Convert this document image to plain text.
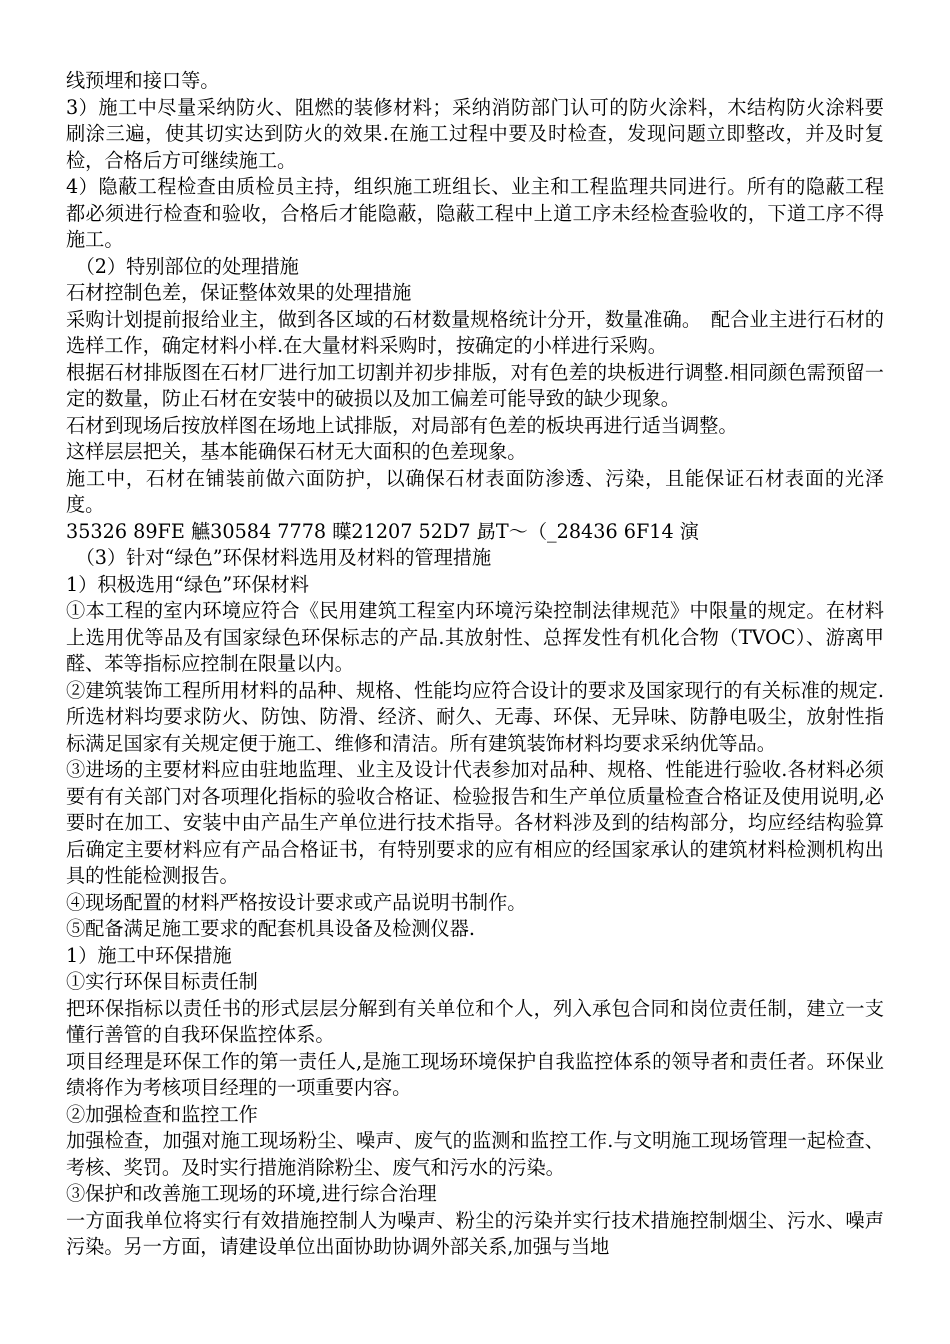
线预埋和接口等。

3）施工中尽量采纳防火、阻燃的装修材料；采纳消防部门认可的防火涂料，木结构防火涂料要刷涂三遍，使其切实达到防火的效果.在施工过程中要及时检查，发现问题立即整改，并及时复检，合格后方可继续施工。

4）隐蔽工程检查由质检员主持，组织施工班组长、业主和工程监理共同进行。所有的隐蔽工程都必须进行检查和验收，合格后才能隐蔽，隐蔽工程中上道工序未经检查验收的，下道工序不得施工。

　（2）特别部位的处理措施

石材控制色差，保证整体效果的处理措施

采购计划提前报给业主，做到各区域的石材数量规格统计分开，数量准确。　配合业主进行石材的选样工作，确定材料小样.在大量材料采购时，按确定的小样进行采购。

根据石材排版图在石材厂进行加工切割并初步排版，对有色差的块板进行调整.相同颜色需预留一定的数量，防止石材在安装中的破损以及加工偏差可能导致的缺少现象。

石材到现场后按放样图在场地上试排版，对局部有色差的板块再进行适当调整。

这样层层把关，基本能确保石材无大面积的色差现象。

施工中，石材在铺装前做六面防护，以确保石材表面防渗透、污染，且能保证石材表面的光泽度。

35326 89FE 觾30584 7778 瞸21207 52D7 勗T～（_28436 6F14 演

　（3）针对“绿色”环保材料选用及材料的管理措施

1）积极选用“绿色”环保材料

①本工程的室内环境应符合《民用建筑工程室内环境污染控制法律规范》中限量的规定。在材料上选用优等品及有国家绿色环保标志的产品.其放射性、总挥发性有机化合物（TVOC）、游离甲醛、苯等指标应控制在限量以内。

②建筑装饰工程所用材料的品种、规格、性能均应符合设计的要求及国家现行的有关标准的规定.所选材料均要求防火、防蚀、防滑、经济、耐久、无毒、环保、无异味、防静电吸尘，放射性指标满足国家有关规定便于施工、维修和清洁。所有建筑装饰材料均要求采纳优等品。

③进场的主要材料应由驻地监理、业主及设计代表参加对品种、规格、性能进行验收.各材料必须要有有关部门对各项理化指标的验收合格证、检验报告和生产单位质量检查合格证及使用说明,必要时在加工、安装中由产品生产单位进行技术指导。各材料涉及到的结构部分，均应经结构验算后确定主要材料应有产品合格证书，有特别要求的应有相应的经国家承认的建筑材料检测机构出具的性能检测报告。

④现场配置的材料严格按设计要求或产品说明书制作。

⑤配备满足施工要求的配套机具设备及检测仪器.

1）施工中环保措施

①实行环保目标责任制

把环保指标以责任书的形式层层分解到有关单位和个人，列入承包合同和岗位责任制，建立一支懂行善管的自我环保监控体系。

项目经理是环保工作的第一责任人,是施工现场环境保护自我监控体系的领导者和责任者。环保业绩将作为考核项目经理的一项重要内容。

②加强检查和监控工作

加强检查，加强对施工现场粉尘、噪声、废气的监测和监控工作.与文明施工现场管理一起检查、考核、奖罚。及时实行措施消除粉尘、废气和污水的污染。

③保护和改善施工现场的环境,进行综合治理

一方面我单位将实行有效措施控制人为噪声、粉尘的污染并实行技术措施控制烟尘、污水、噪声污染。另一方面，请建设单位出面协助协调外部关系,加强与当地
